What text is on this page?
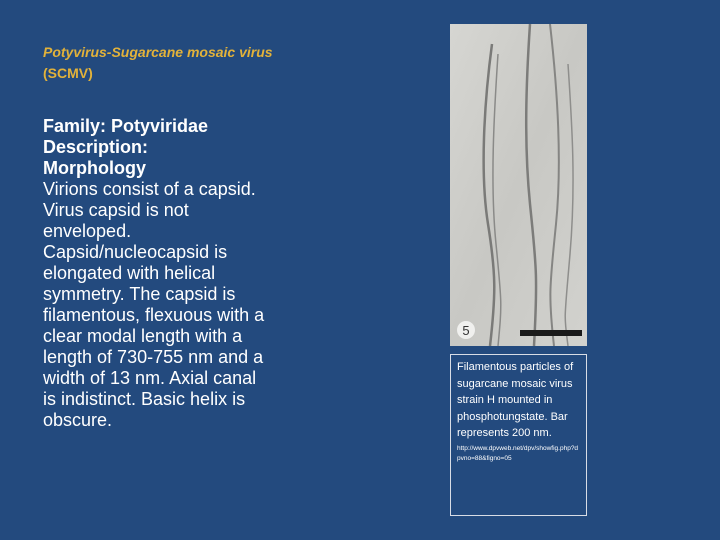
Potyvirus-Sugarcane mosaic virus (SCMV)
Family: Potyviridae
Description:
Morphology
Virions consist of a capsid. Virus capsid is not enveloped. Capsid/nucleocapsid is elongated with helical symmetry. The capsid is filamentous, flexuous with a clear modal length with a length of 730-755 nm and a width of 13 nm. Axial canal is indistinct. Basic helix is obscure.
5
Filamentous particles of sugarcane mosaic virus strain H mounted in phosphotungstate. Bar represents 200 nm.
http://www.dpvweb.net/dpv/showfig.php?dpvno=88&figno=05
